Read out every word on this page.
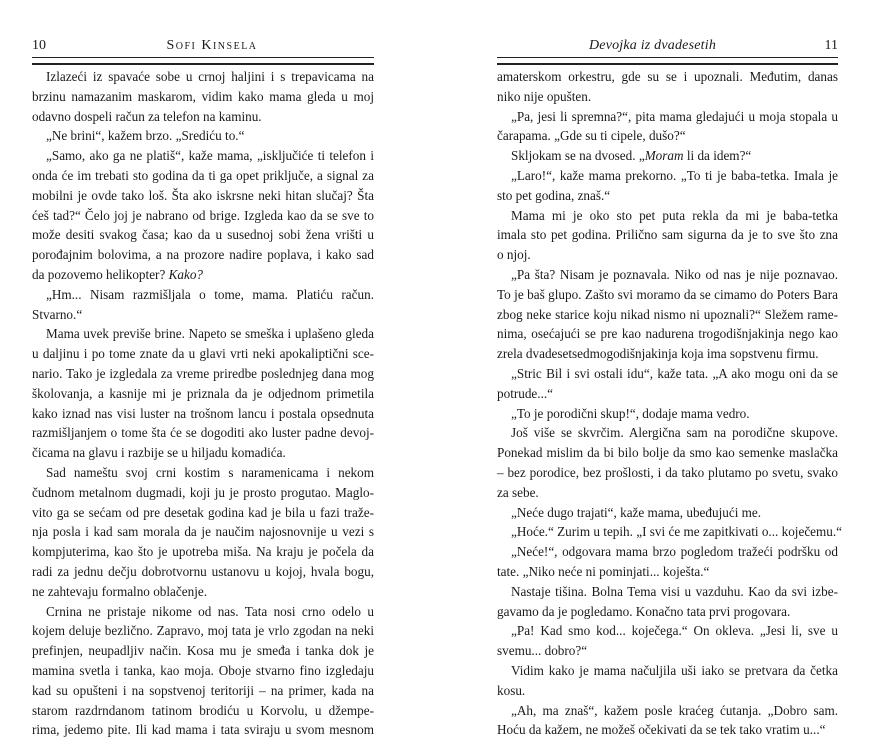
10	Sofi Kinsela
Izlazeći iz spavaće sobe u crnoj haljini i s trepavicama na
brzinu namazanim maskarom, vidim kako mama gleda u moj
odavno dospeli račun za telefon na kaminu.
„Ne brini“, kažem brzo. „Srediću to.“
„Samo, ako ga ne platiš“, kaže mama, „isključiće ti telefon i
onda će im trebati sto godina da ti ga opet priključe, a signal za
mobilni je ovde tako loš. Šta ako iskrsne neki hitan slučaj? Šta
ćeš tad?“ Čelo joj je nabrano od brige. Izgleda kao da se sve to
može desiti svakog časa; kao da u susednoj sobi žena vrišti u
porođajnim bolovima, a na prozore nadire poplava, i kako sad
da pozovemo helikopter? Kako?
„Hm... Nisam razmišljala o tome, mama. Platiću račun.
Stvarno.“
Mama uvek previše brine. Napeto se smeška i uplašeno gleda
u daljinu i po tome znate da u glavi vrti neki apokaliptični sce-
nario. Tako je izgledala za vreme priredbe poslednjeg dana mog
školovanja, a kasnije mi je priznala da je odjednom primetila
kako iznad nas visi luster na trošnom lancu i postala opsednuta
razmišljanjem o tome šta će se dogoditi ako luster padne devoj-
čicama na glavu i razbije se u hiljadu komadića.
Sad nameštu svoj crni kostim s naramenicama i nekom
čudnom metalnom dugmadi, koji ju je prosto progutao. Maglo-
vito ga se sećam od pre desetak godina kad je bila u fazi traže-
nja posla i kad sam morala da je naučim najosnovnije u vezi s
kompjuterima, kao što je upotreba miša. Na kraju je počela da
radi za jednu dečju dobrotvornu ustanovu u kojoj, hvala bogu,
ne zahtevaju formalno oblačenje.
Crnina ne pristaje nikome od nas. Tata nosi crno odelo u
kojem deluje bezlično. Zapravo, moj tata je vrlo zgodan na neki
prefinjen, neupadljiv način. Kosa mu je smeđa i tanka dok je
mamina svetla i tanka, kao moja. Oboje stvarno fino izgledaju
kad su opušteni i na sopstvenoj teritoriji – na primer, kada na
starom razdrndanom tatinom brodiću u Korvolu, u džempe-
rima, jedemo pite. Ili kad mama i tata sviraju u svom mesnom
Devojka iz dvadesetih	11
amaterskom orkestru, gde su se i upoznali. Međutim, danas
niko nije opušten.
„Pa, jesi li spremna?“, pita mama gledajući u moja stopala u
čarapama. „Gde su ti cipele, dušo?“
Skljokam se na dvosed. „Moram li da idem?“
„Laro!“, kaže mama prekorno. „To ti je baba-tetka. Imala je
sto pet godina, znaš.“
Mama mi je oko sto pet puta rekla da mi je baba-tetka
imala sto pet godina. Prilično sam sigurna da je to sve što zna
o njoj.
„Pa šta? Nisam je poznavala. Niko od nas je nije poznavao.
To je baš glupo. Zašto svi moramo da se cimamo do Poters Bara
zbog neke starice koju nikad nismo ni upoznali?“ Sležem rame-
nima, osećajući se pre kao nadurena trogodišnjakinja nego kao
zrela dvadesetsedmogodišnjakinja koja ima sopstvenu firmu.
„Stric Bil i svi ostali idu“, kaže tata. „A ako mogu oni da se
potrude...“
„To je porodični skup!“, dodaje mama vedro.
Još više se skvrčim. Alergična sam na porodične skupove.
Ponekad mislim da bi bilo bolje da smo kao semenke maslačka
– bez porodice, bez prošlosti, i da tako plutamo po svetu, svako
za sebe.
„Neće dugo trajati“, kaže mama, ubeđujući me.
„Hoće.“ Zurim u tepih. „I svi će me zapitkivati o... koječemu.“
„Neće!“, odgovara mama brzo pogledom tražeći podršku od
tate. „Niko neće ni pominjati... koješta.“
Nastaje tišina. Bolna Tema visi u vazduhu. Kao da svi izbe-
gavamo da je pogledamo. Konačno tata prvi progovara.
„Pa! Kad smo kod... koječega.“ On okleva. „Jesi li, sve u
svemu... dobro?“
Vidim kako je mama načuljila uši iako se pretvara da četka
kosu.
„Ah, ma znaš“, kažem posle kraćeg ćutanja. „Dobro sam.
Hoću da kažem, ne možeš očekivati da se tek tako vratim u...“
